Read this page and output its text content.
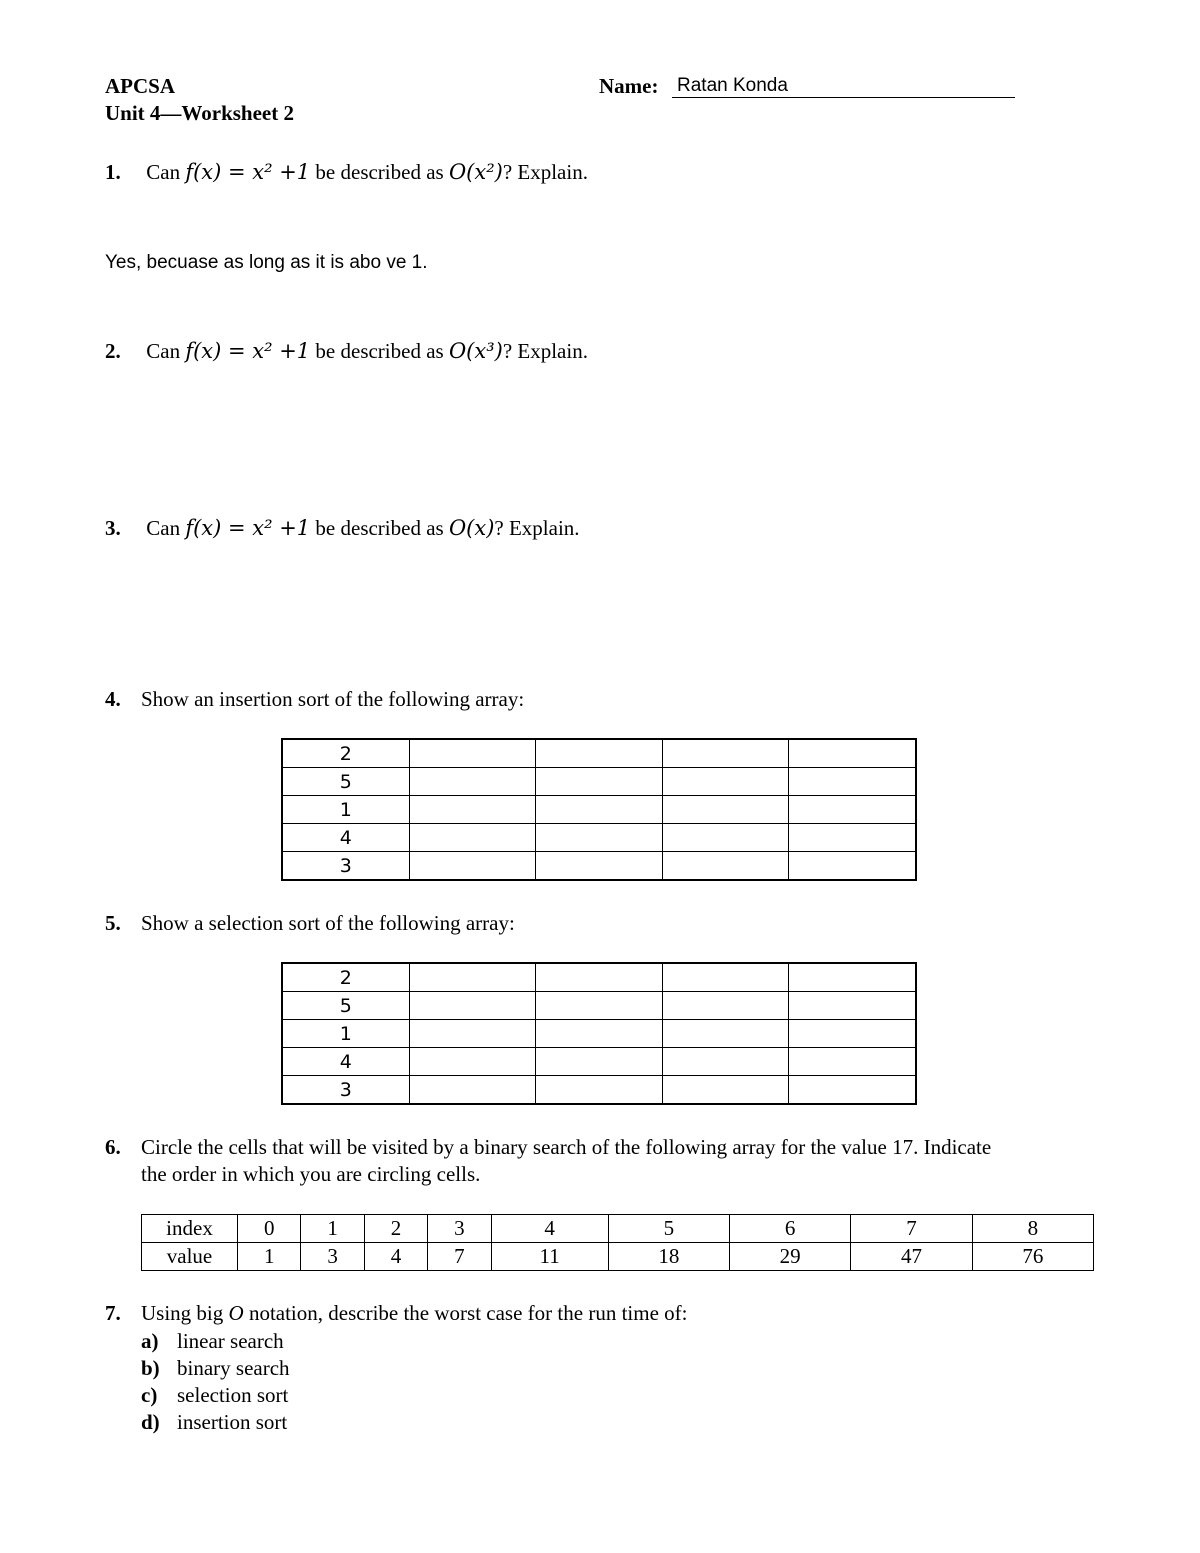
APCSA
Unit 4—Worksheet 2
Name: Ratan Konda
1. Can f(x) = x² +1 be described as O(x²)? Explain.
Yes, becuase as long as it is abo ve 1.
2. Can f(x) = x² +1 be described as O(x³)? Explain.
3. Can f(x) = x² +1 be described as O(x)? Explain.
4. Show an insertion sort of the following array:
2				
5				
1				
4				
3				
5. Show a selection sort of the following array:
2				
5				
1				
4				
3				
6. Circle the cells that will be visited by a binary search of the following array for the value 17. Indicate
the order in which you are circling cells.
index	0	1	2	3	4	5	6	7	8
value	1	3	4	7	11	18	29	47	76
7. Using big O notation, describe the worst case for the run time of:
a) linear search
b) binary search
c) selection sort
d) insertion sort
